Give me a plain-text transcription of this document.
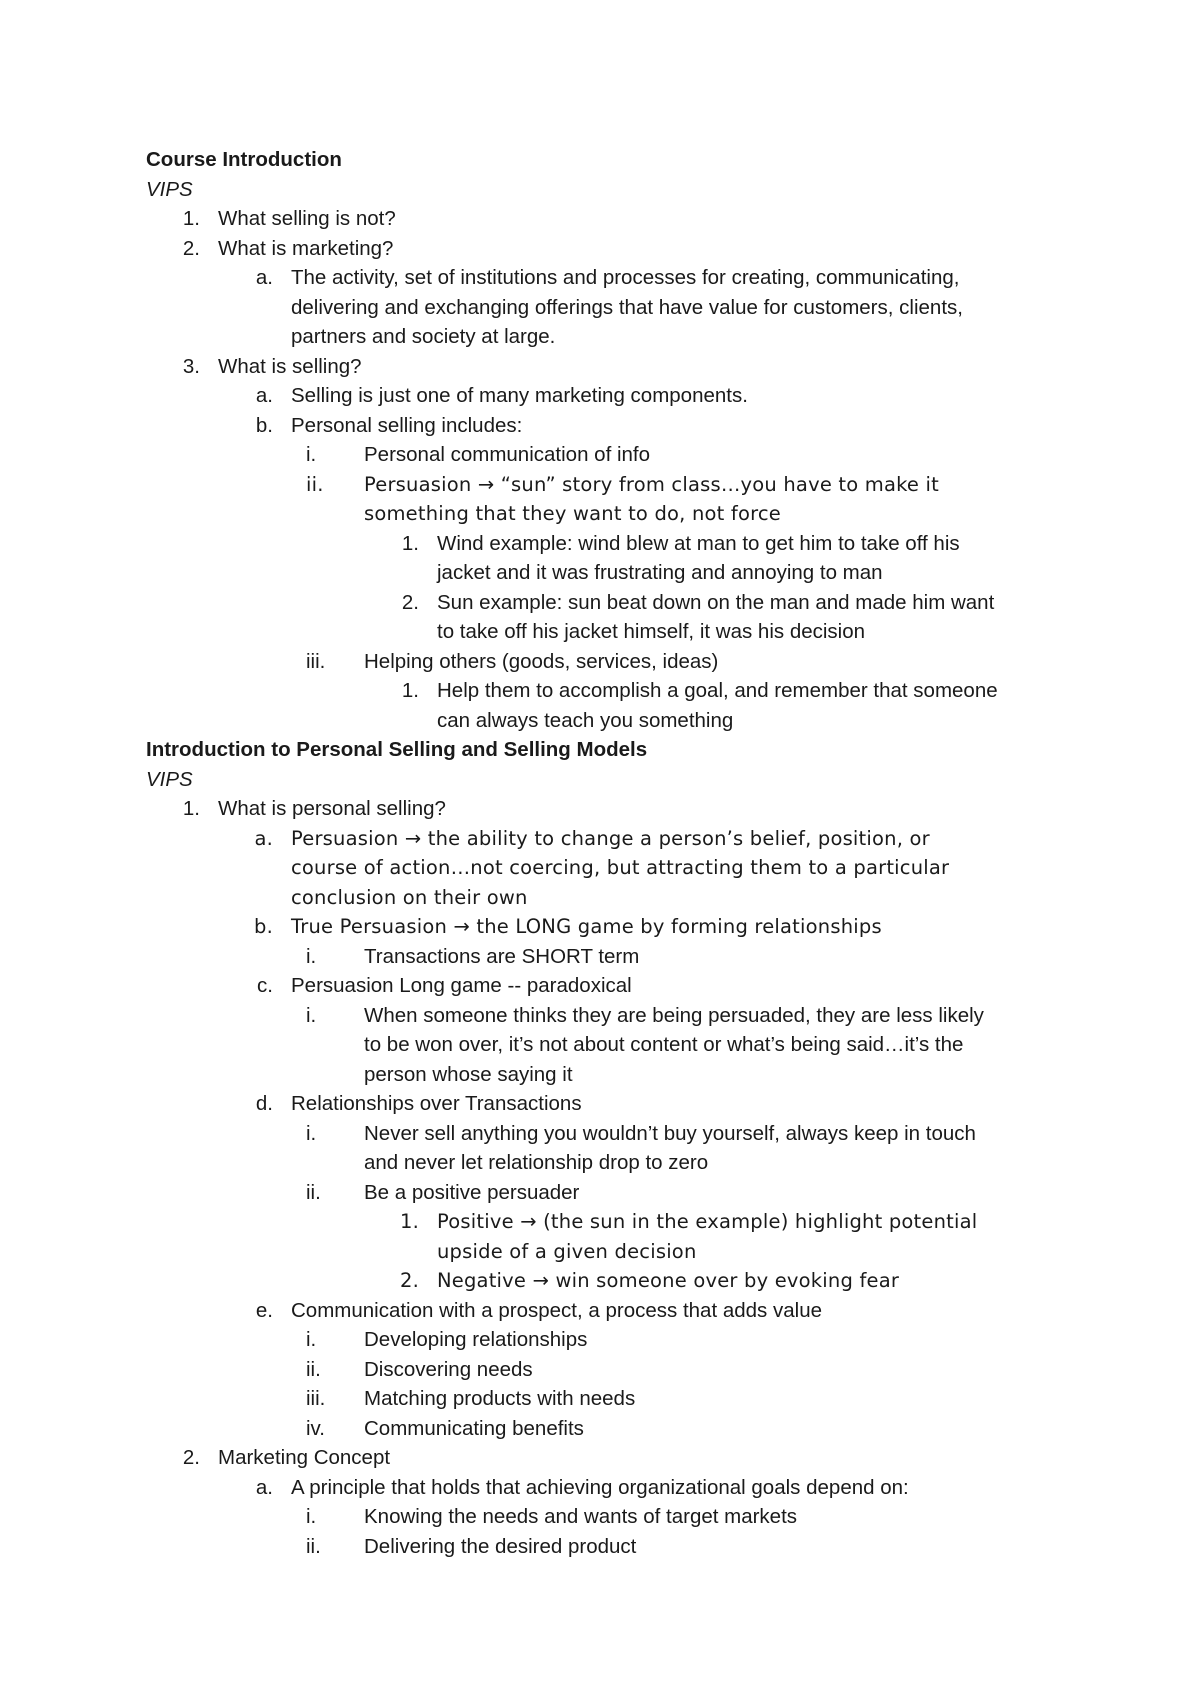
Course Introduction
VIPS
1. What selling is not?
2. What is marketing?
a. The activity, set of institutions and processes for creating, communicating,
delivering and exchanging offerings that have value for customers, clients,
partners and society at large.
3. What is selling?
a. Selling is just one of many marketing components.
b. Personal selling includes:
i.	Personal communication of info
ii.	Persuasion → “sun” story from class…you have to make it
something that they want to do, not force
1. Wind example: wind blew at man to get him to take off his
jacket and it was frustrating and annoying to man
2. Sun example: sun beat down on the man and made him want
to take off his jacket himself, it was his decision
iii.	Helping others (goods, services, ideas)
1. Help them to accomplish a goal, and remember that someone
can always teach you something
Introduction to Personal Selling and Selling Models
VIPS
1. What is personal selling?
a. Persuasion → the ability to change a person’s belief, position, or
course of action…not coercing, but attracting them to a particular
conclusion on their own
b. True Persuasion → the LONG game by forming relationships
i.	Transactions are SHORT term
c. Persuasion Long game -- paradoxical
i.	When someone thinks they are being persuaded, they are less likely
to be won over, it’s not about content or what’s being said…it’s the
person whose saying it
d. Relationships over Transactions
i.	Never sell anything you wouldn’t buy yourself, always keep in touch
and never let relationship drop to zero
ii.	Be a positive persuader
1. Positive → (the sun in the example) highlight potential
upside of a given decision
2. Negative → win someone over by evoking fear
e. Communication with a prospect, a process that adds value
i.	Developing relationships
ii.	Discovering needs
iii.	Matching products with needs
iv.	Communicating benefits
2. Marketing Concept
a. A principle that holds that achieving organizational goals depend on:
i.	Knowing the needs and wants of target markets
ii.	Delivering the desired product
